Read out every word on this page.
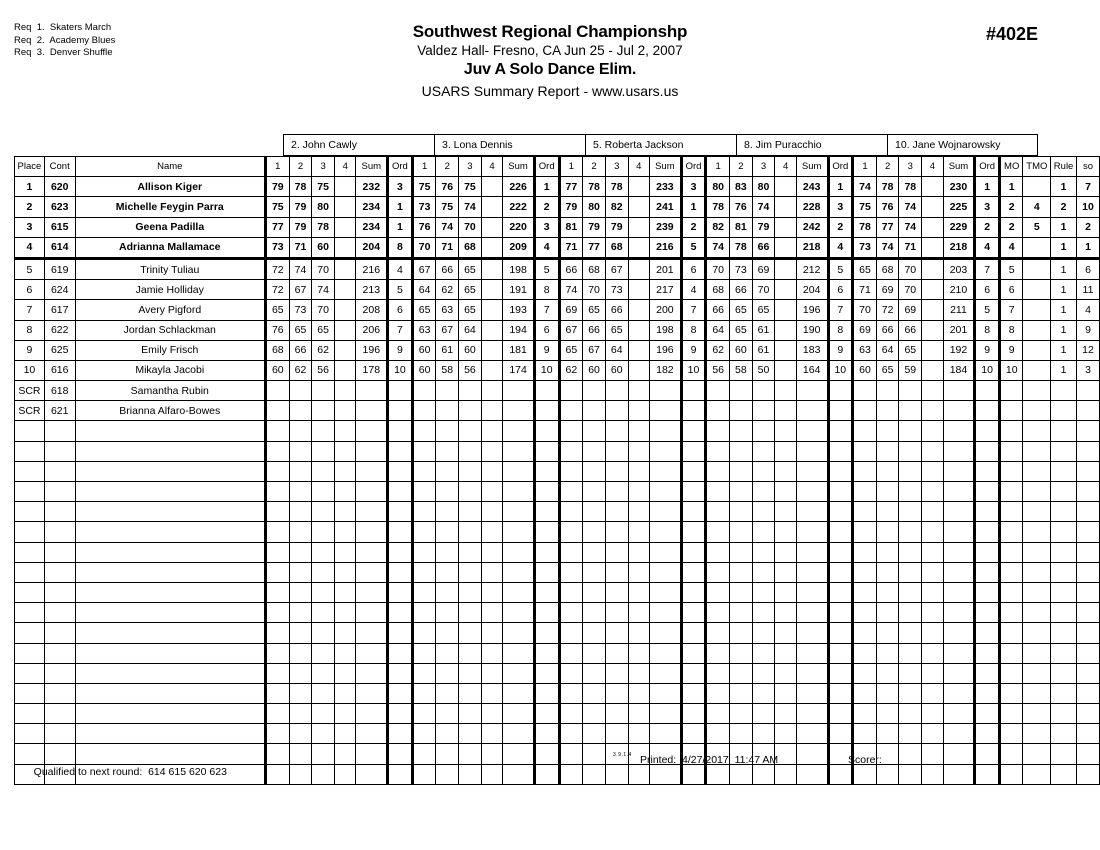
Req  1.  Skaters March
Req  2.  Academy Blues
Req  3.  Denver Shuffle
Southwest Regional Championshp
Valdez Hall- Fresno, CA Jun 25 - Jul 2, 2007
Juv A Solo Dance Elim.
USARS Summary Report - www.usars.us
#402E
2. John Cawly	3. Lona Dennis	5. Roberta Jackson	8. Jim Puracchio	10. Jane Wojnarowsky
Place	Cont	Name	1	2	3	4	Sum	Ord	1	2	3	4	Sum	Ord	1	2	3	4	Sum	Ord	1	2	3	4	Sum	Ord	1	2	3	4	Sum	Ord	MO	TMO	Rule	so
1	620	Allison Kiger	79	78	75		232	3	75	76	75		226	1	77	78	78		233	3	80	83	80		243	1	74	78	78		230	1	1		1	7
2	623	Michelle Feygin Parra	75	79	80		234	1	73	75	74		222	2	79	80	82		241	1	78	76	74		228	3	75	76	74		225	3	2	4	2	10
3	615	Geena Padilla	77	79	78		234	1	76	74	70		220	3	81	79	79		239	2	82	81	79		242	2	78	77	74		229	2	2	5	1	2
4	614	Adrianna Mallamace	73	71	60		204	8	70	71	68		209	4	71	77	68		216	5	74	78	66		218	4	73	74	71		218	4	4		1	1
5	619	Trinity Tuliau	72	74	70		216	4	67	66	65		198	5	66	68	67		201	6	70	73	69		212	5	65	68	70		203	7	5		1	6
6	624	Jamie Holliday	72	67	74		213	5	64	62	65		191	8	74	70	73		217	4	68	66	70		204	6	71	69	70		210	6	6		1	11
7	617	Avery Pigford	65	73	70		208	6	65	63	65		193	7	69	65	66		200	7	66	65	65		196	7	70	72	69		211	5	7		1	4
8	622	Jordan Schlackman	76	65	65		206	7	63	67	64		194	6	67	66	65		198	8	64	65	61		190	8	69	66	66		201	8	8		1	9
9	625	Emily Frisch	68	66	62		196	9	60	61	60		181	9	65	67	64		196	9	62	60	61		183	9	63	64	65		192	9	9		1	12
10	616	Mikayla Jacobi	60	62	56		178	10	60	58	56		174	10	62	60	60		182	10	56	58	50		164	10	60	65	59		184	10	10		1	3
SCR	618	Samantha Rubin																																		
SCR	621	Brianna Alfaro-Bowes																																		

Qualified to next round: 614 615 620 623

3.9.1.4 Printed:  4/27/2017  11:47 AM	Scorer:
